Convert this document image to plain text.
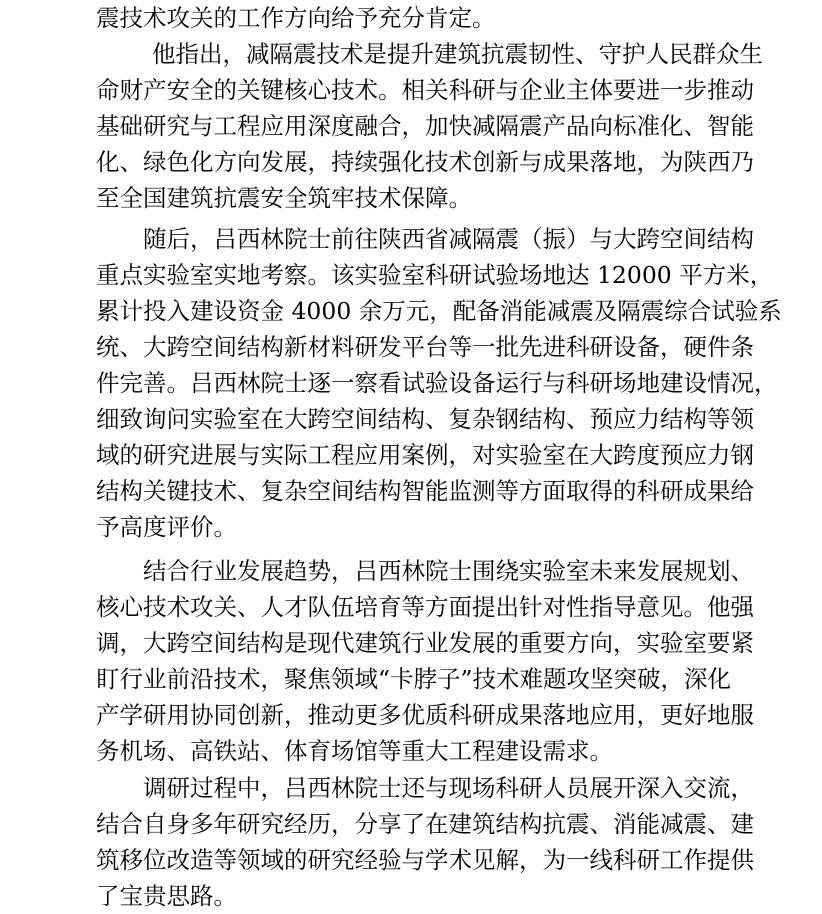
震技术攻关的工作方向给予充分肯定。
他指出，减隔震技术是提升建筑抗震韧性、守护人民群众生
命财产安全的关键核心技术。相关科研与企业主体要进一步推动
基础研究与工程应用深度融合，加快减隔震产品向标准化、智能
化、绿色化方向发展，持续强化技术创新与成果落地，为陕西乃
至全国建筑抗震安全筑牢技术保障。
随后，吕西林院士前往陕西省减隔震（振）与大跨空间结构
重点实验室实地考察。该实验室科研试验场地达 12000 平方米，
累计投入建设资金 4000 余万元，配备消能减震及隔震综合试验系
统、大跨空间结构新材料研发平台等一批先进科研设备，硬件条
件完善。吕西林院士逐一察看试验设备运行与科研场地建设情况，
细致询问实验室在大跨空间结构、复杂钢结构、预应力结构等领
域的研究进展与实际工程应用案例，对实验室在大跨度预应力钢
结构关键技术、复杂空间结构智能监测等方面取得的科研成果给
予高度评价。
结合行业发展趋势，吕西林院士围绕实验室未来发展规划、
核心技术攻关、人才队伍培育等方面提出针对性指导意见。他强
调，大跨空间结构是现代建筑行业发展的重要方向，实验室要紧
盯行业前沿技术，聚焦领域“卡脖子”技术难题攻坚突破，深化
产学研用协同创新，推动更多优质科研成果落地应用，更好地服
务机场、高铁站、体育场馆等重大工程建设需求。
调研过程中，吕西林院士还与现场科研人员展开深入交流，
结合自身多年研究经历，分享了在建筑结构抗震、消能减震、建
筑移位改造等领域的研究经验与学术见解，为一线科研工作提供
了宝贵思路。
